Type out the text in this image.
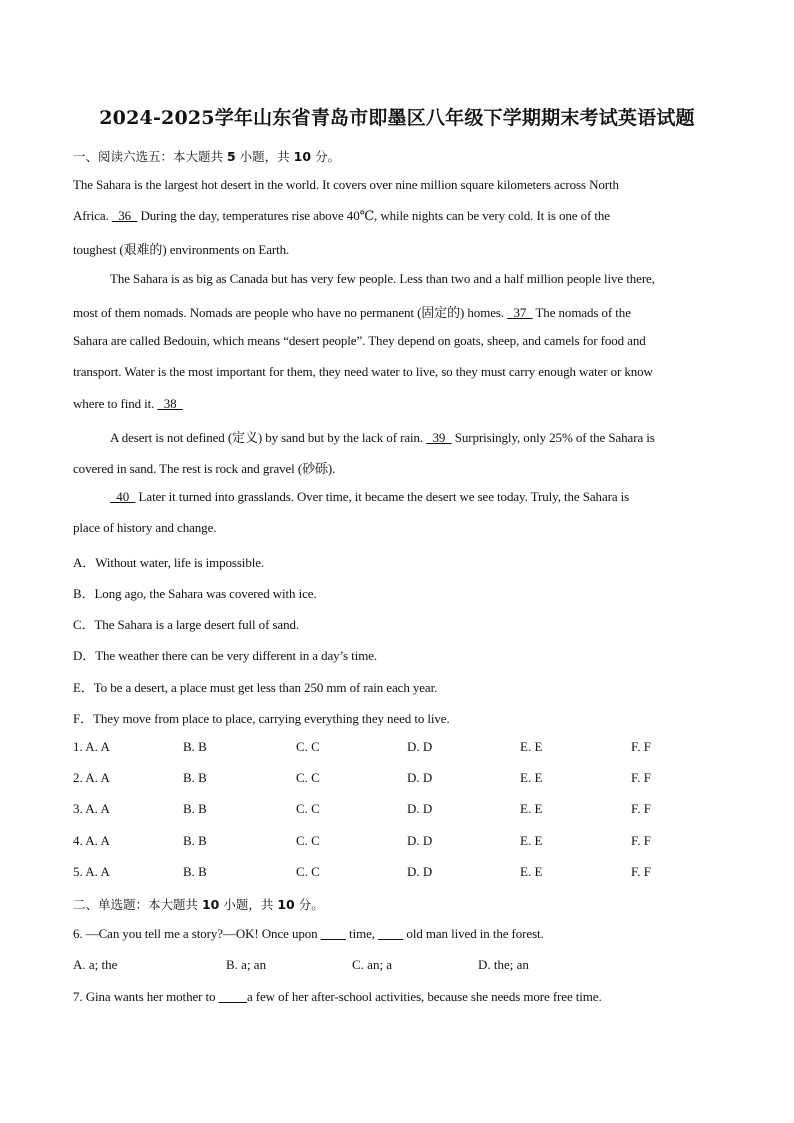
2024-2025学年山东省青岛市即墨区八年级下学期期末考试英语试题
一、阅读六选五：本大题共 5 小题，共 10 分。
The Sahara is the largest hot desert in the world. It covers over nine million square kilometers across North
Africa.   36   During the day, temperatures rise above 40℃, while nights can be very cold. It is one of the
toughest (艰难的) environments on Earth.
The Sahara is as big as Canada but has very few people. Less than two and a half million people live there,
most of them nomads. Nomads are people who have no permanent (固定的) homes.   37   The nomads of the
Sahara are called Bedouin, which means “desert people”. They depend on goats, sheep, and camels for food and
transport. Water is the most important for them, they need water to live, so they must carry enough water or know
where to find it.   38
A desert is not defined (定义) by sand but by the lack of rain.   39   Surprisingly, only 25% of the Sahara is
covered in sand. The rest is rock and gravel (砂砾).
40   Later it turned into grasslands. Over time, it became the desert we see today. Truly, the Sahara is
place of history and change.
A．Without water, life is impossible.
B．Long ago, the Sahara was covered with ice.
C．The Sahara is a large desert full of sand.
D．The weather there can be very different in a day’s time.
E．To be a desert, a place must get less than 250 mm of rain each year.
F．They move from place to place, carrying everything they need to live.
1. A. A	B. B	C. C	D. D	E. E	F. F
2. A. A	B. B	C. C	D. D	E. E	F. F
3. A. A	B. B	C. C	D. D	E. E	F. F
4. A. A	B. B	C. C	D. D	E. E	F. F
5. A. A	B. B	C. C	D. D	E. E	F. F
二、单选题：本大题共 10 小题，共 10 分。
6. —Can you tell me a story?—OK! Once upon          time,          old man lived in the forest.
A. a; the	B. a; an	C. an; a	D. the; an
7. Gina wants her mother to          a few of her after-school activities, because she needs more free time.
